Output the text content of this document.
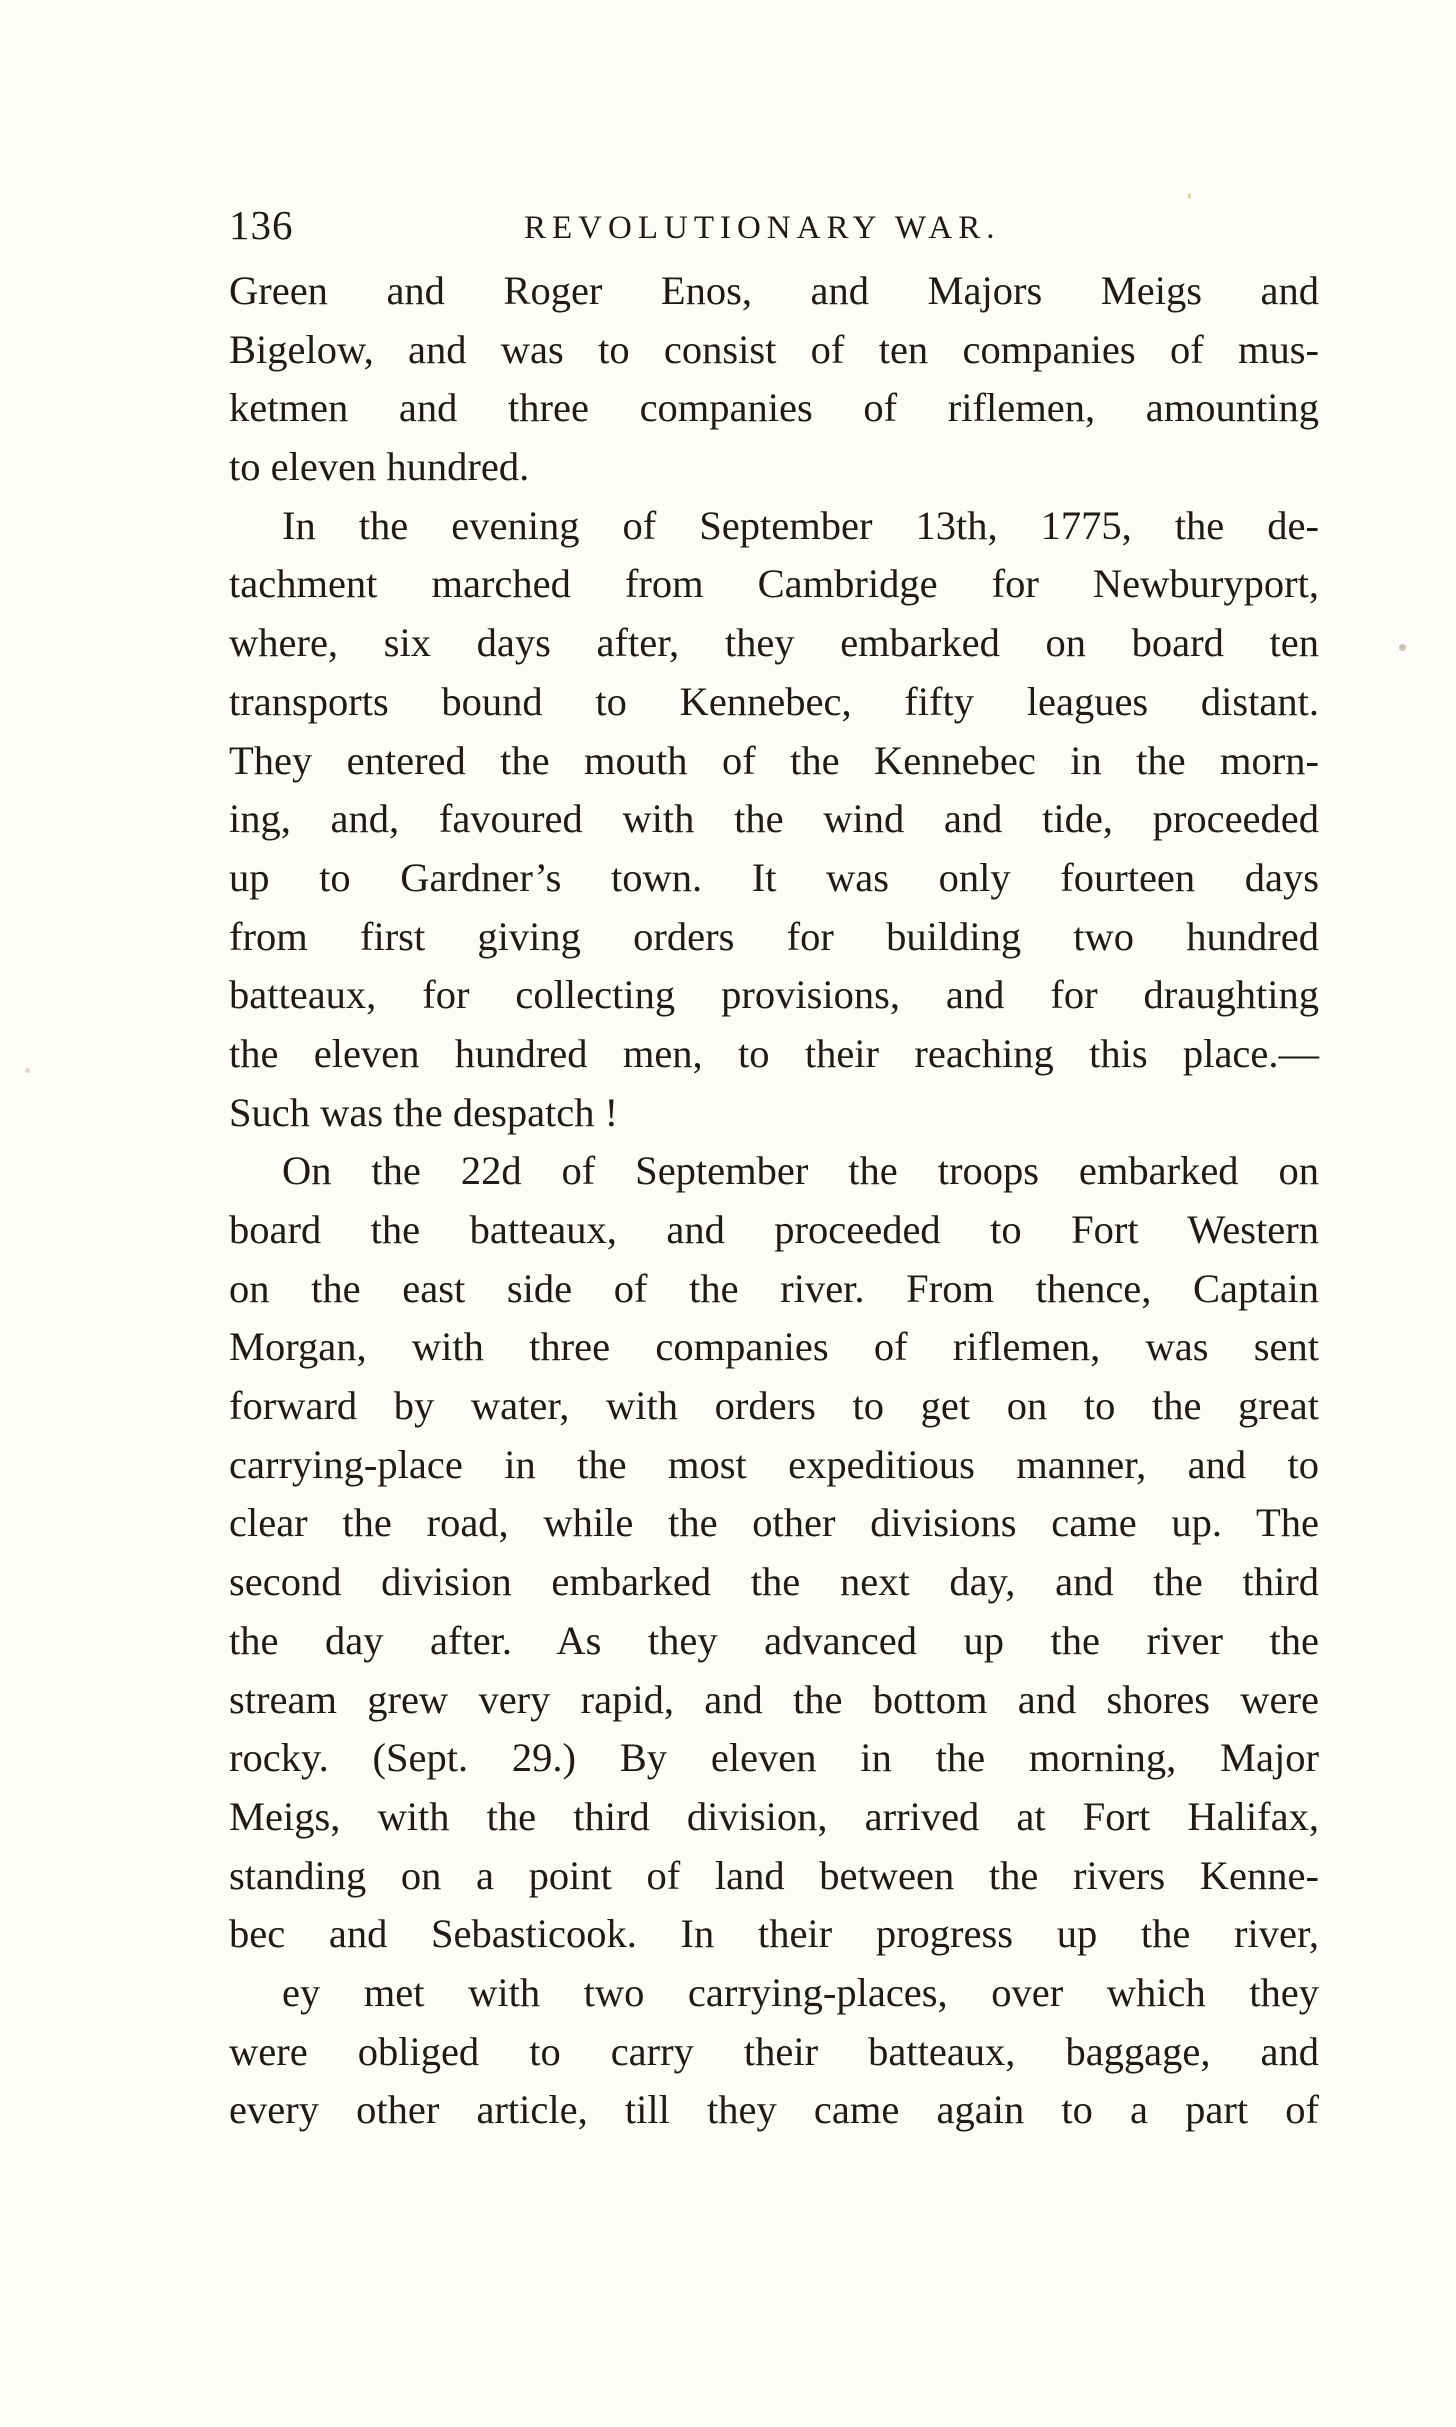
136	REVOLUTIONARY WAR.
Green and Roger Enos, and Majors Meigs and
Bigelow, and was to consist of ten companies of mus-
ketmen and three companies of riflemen, amounting
to eleven hundred.
In the evening of September 13th, 1775, the de-
tachment marched from Cambridge for Newburyport,
where, six days after, they embarked on board ten
transports bound to Kennebec, fifty leagues distant.
They entered the mouth of the Kennebec in the morn-
ing, and, favoured with the wind and tide, proceeded
up to Gardner’s town. It was only fourteen days
from first giving orders for building two hundred
batteaux, for collecting provisions, and for draughting
the eleven hundred men, to their reaching this place.—
Such was the despatch !
On the 22d of September the troops embarked on
board the batteaux, and proceeded to Fort Western
on the east side of the river. From thence, Captain
Morgan, with three companies of riflemen, was sent
forward by water, with orders to get on to the great
carrying-place in the most expeditious manner, and to
clear the road, while the other divisions came up. The
second division embarked the next day, and the third
the day after. As they advanced up the river the
stream grew very rapid, and the bottom and shores were
rocky. (Sept. 29.) By eleven in the morning, Major
Meigs, with the third division, arrived at Fort Halifax,
standing on a point of land between the rivers Kenne-
bec and Sebasticook. In their progress up the river,
ey met with two carrying-places, over which they
were obliged to carry their batteaux, baggage, and
every other article, till they came again to a part of
